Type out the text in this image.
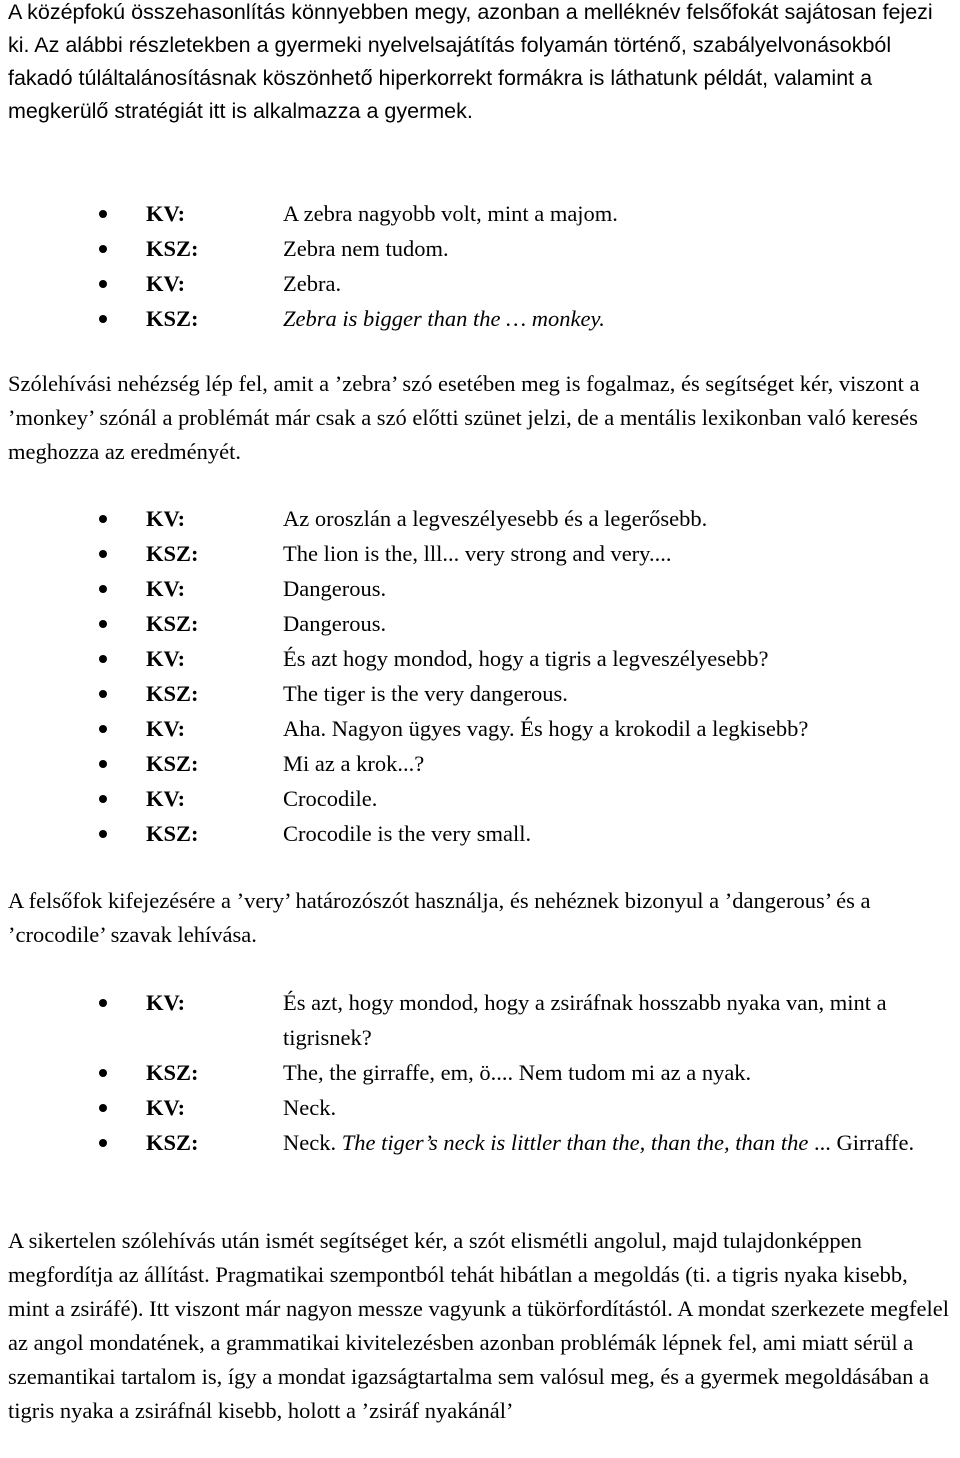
A középfokú összehasonlítás könnyebben megy, azonban a melléknév felsőfokát sajátosan fejezi ki. Az alábbi részletekben a gyermeki nyelvelsajátítás folyamán történő, szabályelvonásokból fakadó túláltalánosításnak köszönhető hiperkorrekt formákra is láthatunk példát, valamint a megkerülő stratégiát itt is alkalmazza a gyermek.

KV:	A zebra nagyobb volt, mint a majom.
KSZ:	Zebra nem tudom.
KV:	Zebra.
KSZ:	Zebra is bigger than the … monkey.

Szólehívási nehézség lép fel, amit a ’zebra’ szó esetében meg is fogalmaz, és segítséget kér, viszont a ’monkey’ szónál a problémát már csak a szó előtti szünet jelzi, de a mentális lexikonban való keresés meghozza az eredményét.

KV:	Az oroszlán a legveszélyesebb és a legerősebb.
KSZ:	The lion is the, lll... very strong and very....
KV:	Dangerous.
KSZ:	Dangerous.
KV:	És azt hogy mondod, hogy a tigris a legveszélyesebb?
KSZ:	The tiger is the very dangerous.
KV:	Aha. Nagyon ügyes vagy. És hogy a krokodil a legkisebb?
KSZ:	Mi az a krok...?
KV:	Crocodile.
KSZ:	Crocodile is the very small.

A felsőfok kifejezésére a ’very’ határozószót használja, és nehéznek bizonyul a ’dangerous’ és a ’crocodile’ szavak lehívása.

KV:	És azt, hogy mondod, hogy a zsiráfnak hosszabb nyaka van, mint a tigrisnek?
KSZ:	The, the girraffe, em, ö.... Nem tudom mi az a nyak.
KV:	Neck.
KSZ:	Neck. The tiger’s neck is littler than the, than the, than the ... Girraffe.

A sikertelen szólehívás után ismét segítséget kér, a szót elismétli angolul, majd tulajdonképpen megfordítja az állítást. Pragmatikai szempontból tehát hibátlan a megoldás (ti. a tigris nyaka kisebb, mint a zsiráfé). Itt viszont már nagyon messze vagyunk a tükörfordítástól. A mondat szerkezete megfelel az angol mondatének, a grammatikai kivitelezésben azonban problémák lépnek fel, ami miatt sérül a szemantikai tartalom is, így a mondat igazságtartalma sem valósul meg, és a gyermek megoldásában a tigris nyaka a zsiráfnál kisebb, holott a ’zsiráf nyakánál’
